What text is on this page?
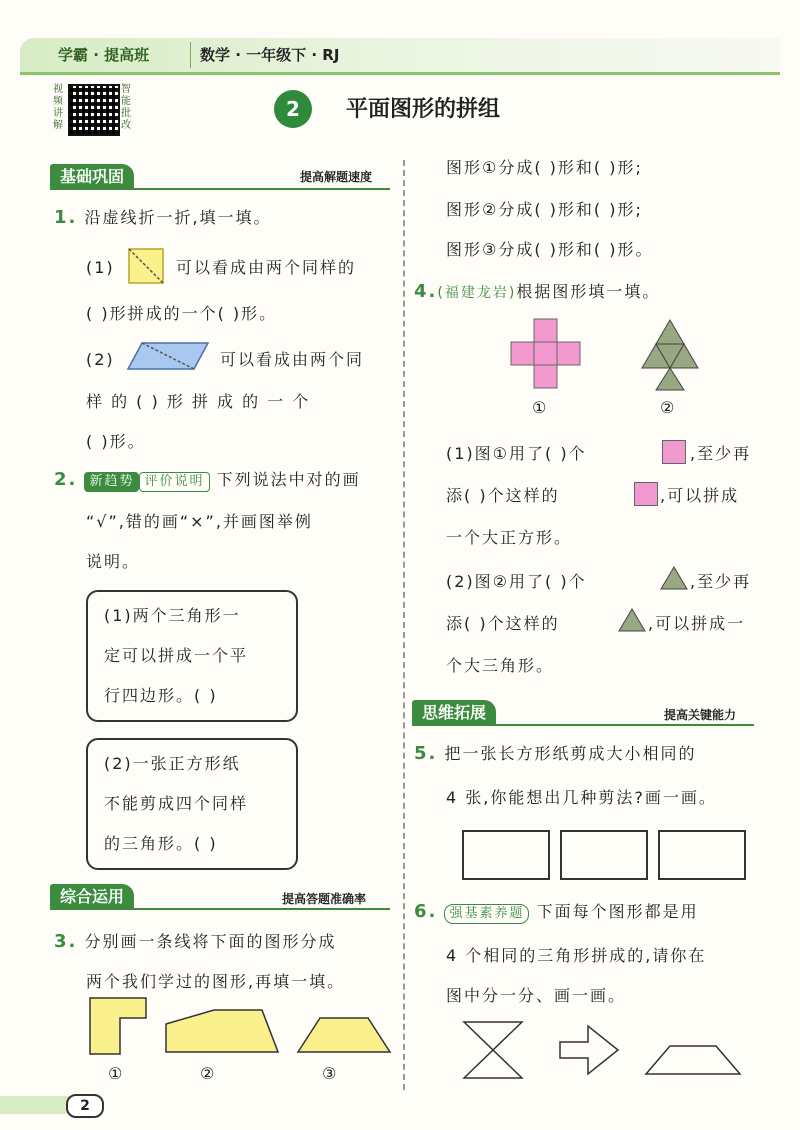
学霸 · 提高班	数学 · 一年级下 · RJ
视频讲解
智能批改
2	平面图形的拼组
基础巩固	提高解题速度
1. 沿虚线折一折,填一填。
(1)	可以看成由两个同样的
( )形拼成的一个( )形。
(2)	可以看成由两个同
样 的 ( ) 形 拼 成 的 一 个
( )形。
2. 新趋势 评价说明 下列说法中对的画
“√”,错的画“×”,并画图举例
说明。
(1)两个三角形一
定可以拼成一个平
行四边形。( )
(2)一张正方形纸
不能剪成四个同样
的三角形。( )
综合运用	提高答题准确率
3. 分别画一条线将下面的图形分成
两个我们学过的图形,再填一填。
①	②	③
图形①分成( )形和( )形;
图形②分成( )形和( )形;
图形③分成( )形和( )形。
4.(福建龙岩)根据图形填一填。
①	②
(1)图①用了( )个	,至少再
添( )个这样的	,可以拼成
一个大正方形。
(2)图②用了( )个	,至少再
添( )个这样的	,可以拼成一
个大三角形。
思维拓展	提高关键能力
5. 把一张长方形纸剪成大小相同的
4 张,你能想出几种剪法?画一画。
6. 强基素养题 下面每个图形都是用
4 个相同的三角形拼成的,请你在
图中分一分、画一画。
2
